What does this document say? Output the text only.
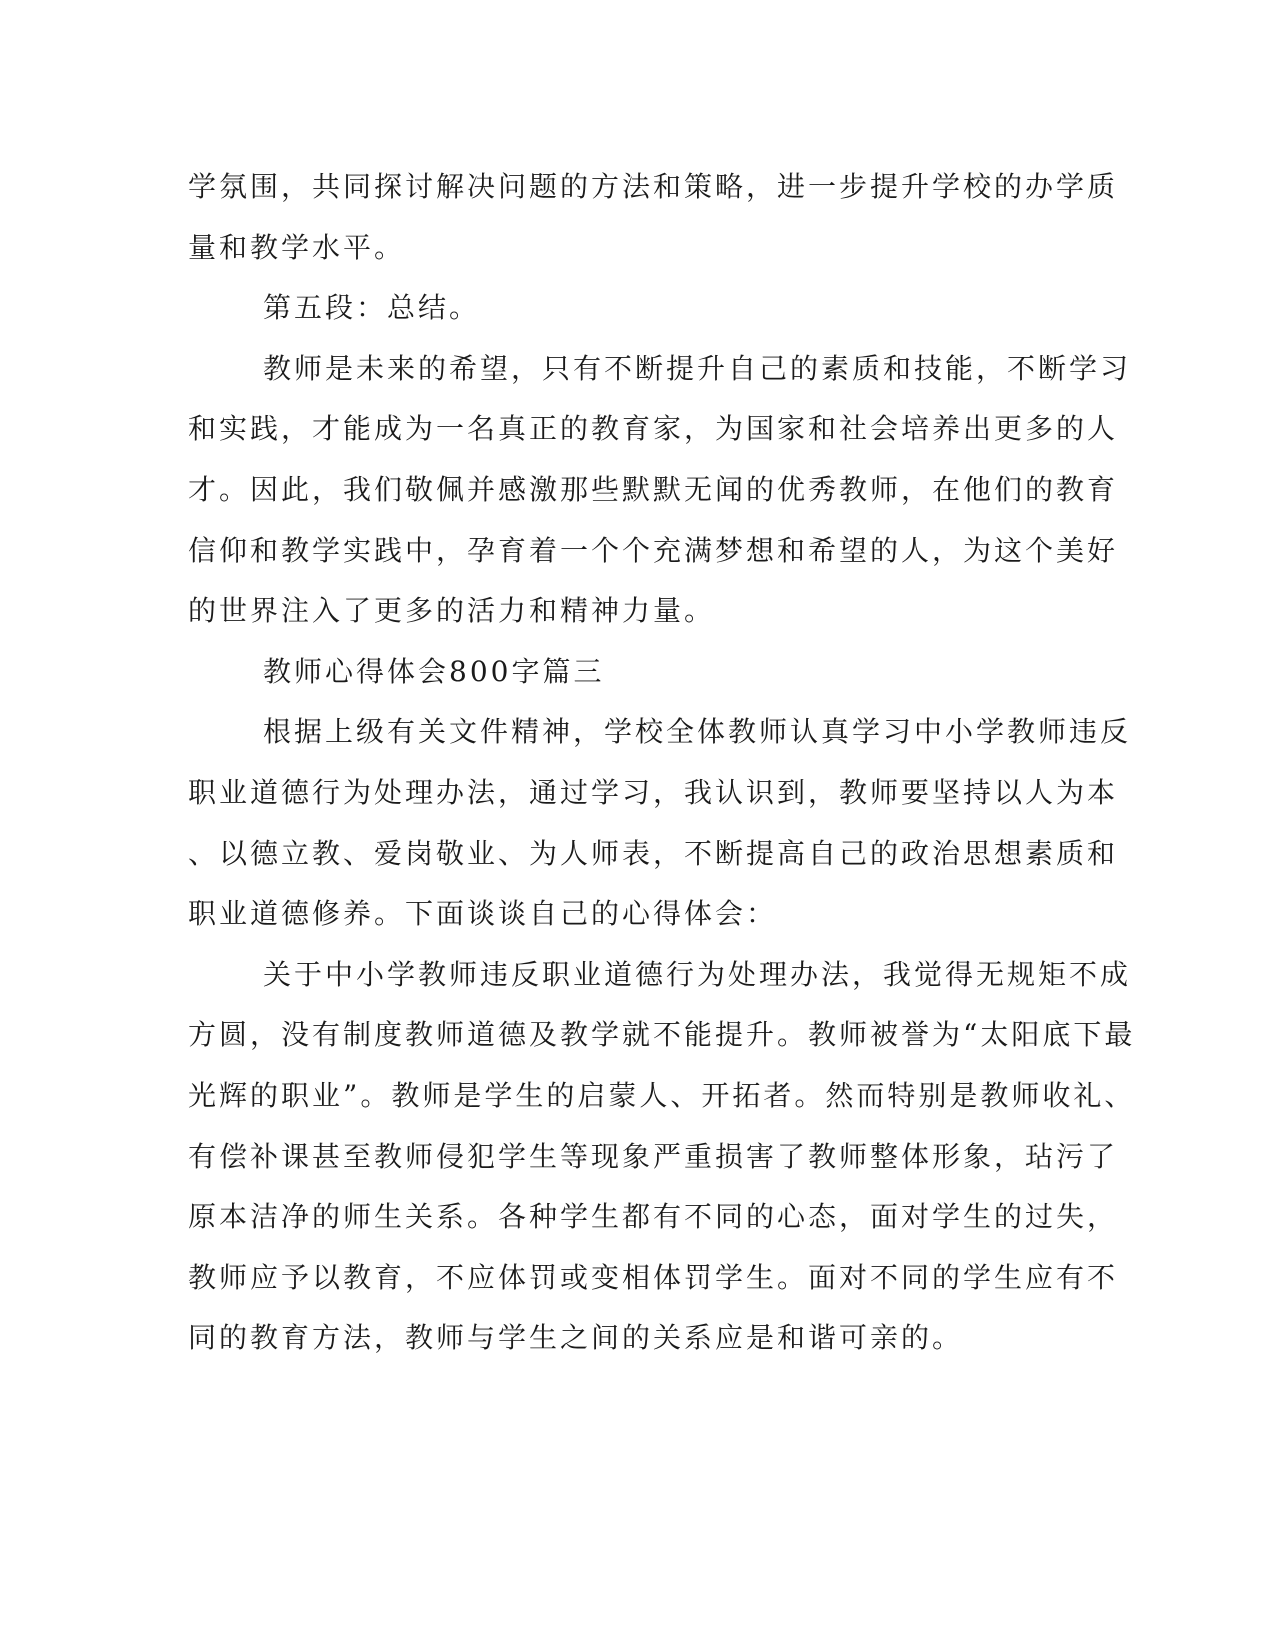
学氛围，共同探讨解决问题的方法和策略，进一步提升学校的办学质
量和教学水平。
第五段：总结。
教师是未来的希望，只有不断提升自己的素质和技能，不断学习
和实践，才能成为一名真正的教育家，为国家和社会培养出更多的人
才。因此，我们敬佩并感激那些默默无闻的优秀教师，在他们的教育
信仰和教学实践中，孕育着一个个充满梦想和希望的人，为这个美好
的世界注入了更多的活力和精神力量。
教师心得体会800字篇三
根据上级有关文件精神，学校全体教师认真学习中小学教师违反
职业道德行为处理办法，通过学习，我认识到，教师要坚持以人为本
、以德立教、爱岗敬业、为人师表，不断提高自己的政治思想素质和
职业道德修养。下面谈谈自己的心得体会：
关于中小学教师违反职业道德行为处理办法，我觉得无规矩不成
方圆，没有制度教师道德及教学就不能提升。教师被誉为“太阳底下最
光辉的职业”。教师是学生的启蒙人、开拓者。然而特别是教师收礼、
有偿补课甚至教师侵犯学生等现象严重损害了教师整体形象，玷污了
原本洁净的师生关系。各种学生都有不同的心态，面对学生的过失，
教师应予以教育，不应体罚或变相体罚学生。面对不同的学生应有不
同的教育方法，教师与学生之间的关系应是和谐可亲的。
